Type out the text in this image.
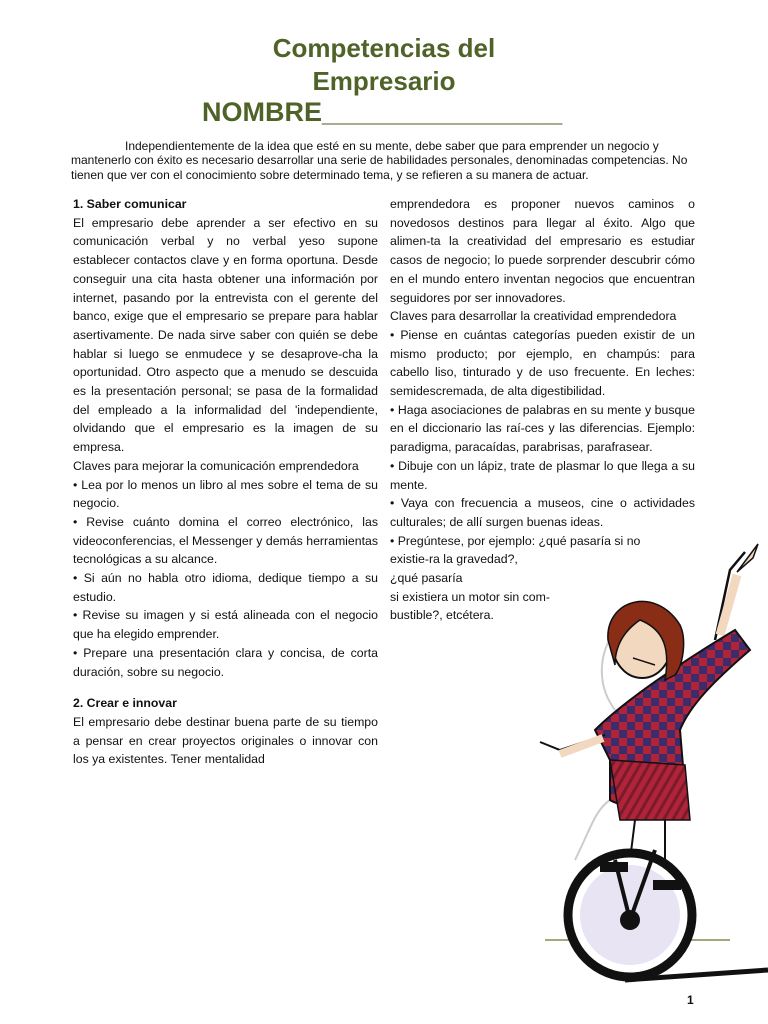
Competencias del
Empresario

NOMBRE________________

Independientemente de la idea que esté en su mente, debe saber que para emprender un negocio y mantenerlo con éxito es necesario desarrollar una serie de habilidades personales, denominadas competencias. No tienen que ver con el conocimiento sobre determinado tema, y se refieren a su manera de actuar.

1. Saber comunicar

El empresario debe aprender a ser efectivo en su comunicación verbal y no verbal yeso supone establecer contactos clave y en forma oportuna. Desde conseguir una cita hasta obtener una información por internet, pasando por la entrevista con el gerente del banco, exige que el empresario se prepare para hablar asertivamente. De nada sirve saber con quién se debe hablar si luego se enmudece y se desaprove-cha la oportunidad. Otro aspecto que a menudo se descuida es la presentación personal; se pasa de la formalidad del empleado a la informalidad del 'independiente, olvidando que el empresario es la imagen de su empresa.

Claves para mejorar la comunicación emprendedora

• Lea por lo menos un libro al mes sobre el tema de su negocio.

• Revise cuánto domina el correo electrónico, las videoconferencias, el Messenger y demás herramientas tecnológicas a su alcance.

• Si aún no habla otro idioma, dedique tiempo a su estudio.

• Revise su imagen y si está alineada con el negocio que ha elegido emprender.

• Prepare una presentación clara y concisa, de corta duración, sobre su negocio.

2. Crear e innovar

El empresario debe destinar buena parte de su tiempo a pensar en crear proyectos originales o innovar con los ya existentes. Tener mentalidad

emprendedora es proponer nuevos caminos o novedosos destinos para llegar al éxito. Algo que alimen-ta la creatividad del empresario es estudiar casos de negocio; lo puede sorprender descubrir cómo en el mundo entero inventan negocios que encuentran seguidores por ser innovadores.

Claves para desarrollar la creatividad emprendedora

• Piense en cuántas categorías pueden existir de un mismo producto; por ejemplo, en champús: para cabello liso, tinturado y de uso frecuente. En leches: semidescremada, de alta digestibilidad.

• Haga asociaciones de palabras en su mente y busque en el diccionario las raí-ces y las diferencias. Ejemplo: paradigma, paracaídas, parabrisas, parafrasear.

• Dibuje con un lápiz, trate de plasmar lo que llega a su mente.

• Vaya con frecuencia a museos, cine o actividades culturales; de allí surgen buenas ideas.

• Pregúntese, por ejemplo: ¿qué pasaría si no

existie-ra la gravedad?,

¿qué pasaría

si existiera un motor sin com-

bustible?, etcétera.

1
